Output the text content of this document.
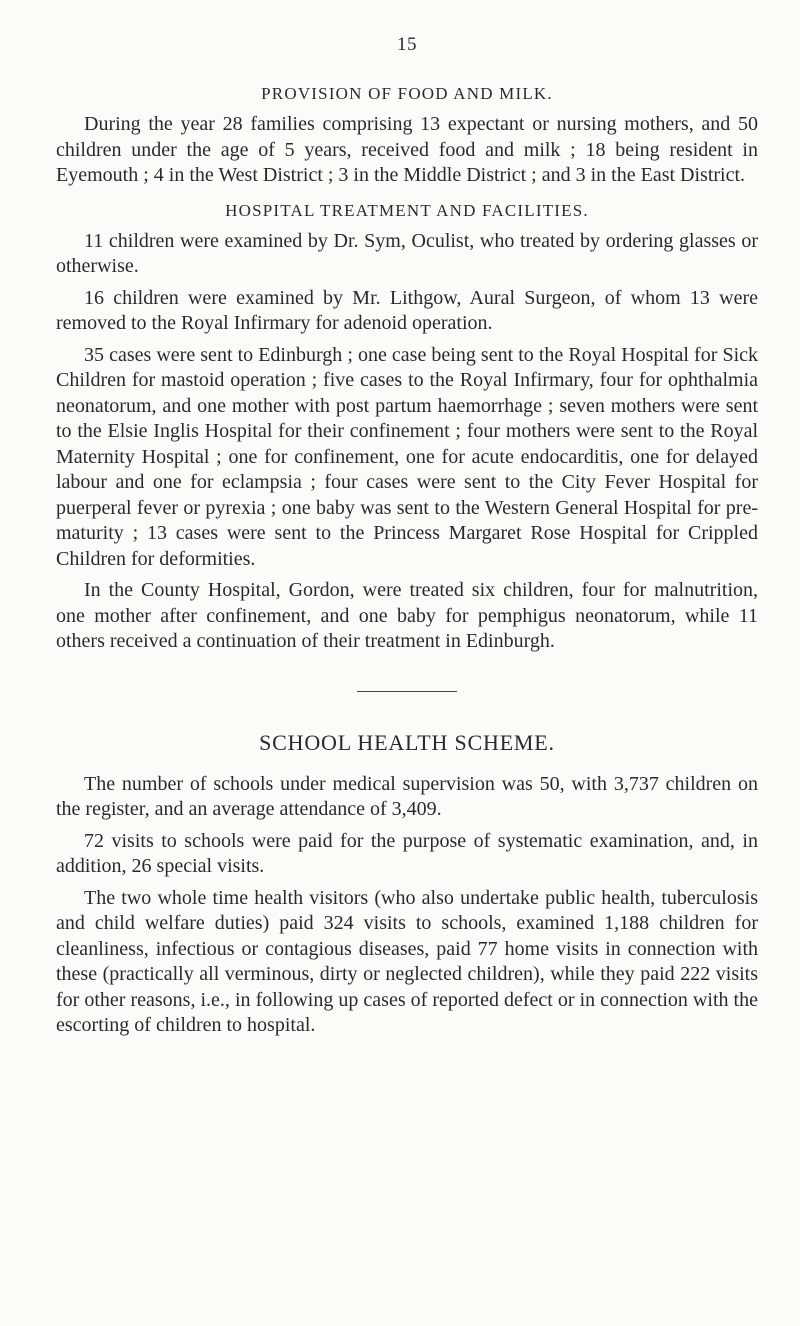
15
PROVISION OF FOOD AND MILK.

During the year 28 families comprising 13 expectant or nursing mothers, and 50 children under the age of 5 years, received food and milk ; 18 being resident in Eyemouth ; 4 in the West District ; 3 in the Middle District ; and 3 in the East District.

HOSPITAL TREATMENT AND FACILITIES.

11 children were examined by Dr. Sym, Oculist, who treated by ordering glasses or otherwise.

16 children were examined by Mr. Lithgow, Aural Surgeon, of whom 13 were removed to the Royal Infirmary for adenoid operation.

35 cases were sent to Edinburgh ; one case being sent to the Royal Hospital for Sick Children for mastoid operation ; five cases to the Royal Infirmary, four for ophthalmia neonatorum, and one mother with post partum haemorrhage ; seven mothers were sent to the Elsie Inglis Hospital for their confinement ; four mothers were sent to the Royal Maternity Hospital ; one for confinement, one for acute endocarditis, one for delayed labour and one for eclampsia ; four cases were sent to the City Fever Hospital for puerperal fever or pyrexia ; one baby was sent to the Western General Hospital for pre-maturity ; 13 cases were sent to the Princess Margaret Rose Hospital for Crippled Children for deformities.

In the County Hospital, Gordon, were treated six children, four for malnutrition, one mother after confinement, and one baby for pemphigus neonatorum, while 11 others received a continuation of their treatment in Edinburgh.

SCHOOL HEALTH SCHEME.

The number of schools under medical supervision was 50, with 3,737 children on the register, and an average attendance of 3,409.

72 visits to schools were paid for the purpose of systematic examination, and, in addition, 26 special visits.

The two whole time health visitors (who also undertake public health, tuberculosis and child welfare duties) paid 324 visits to schools, examined 1,188 children for cleanliness, infectious or contagious diseases, paid 77 home visits in connection with these (practically all verminous, dirty or neglected children), while they paid 222 visits for other reasons, i.e., in following up cases of reported defect or in connection with the escorting of children to hospital.
